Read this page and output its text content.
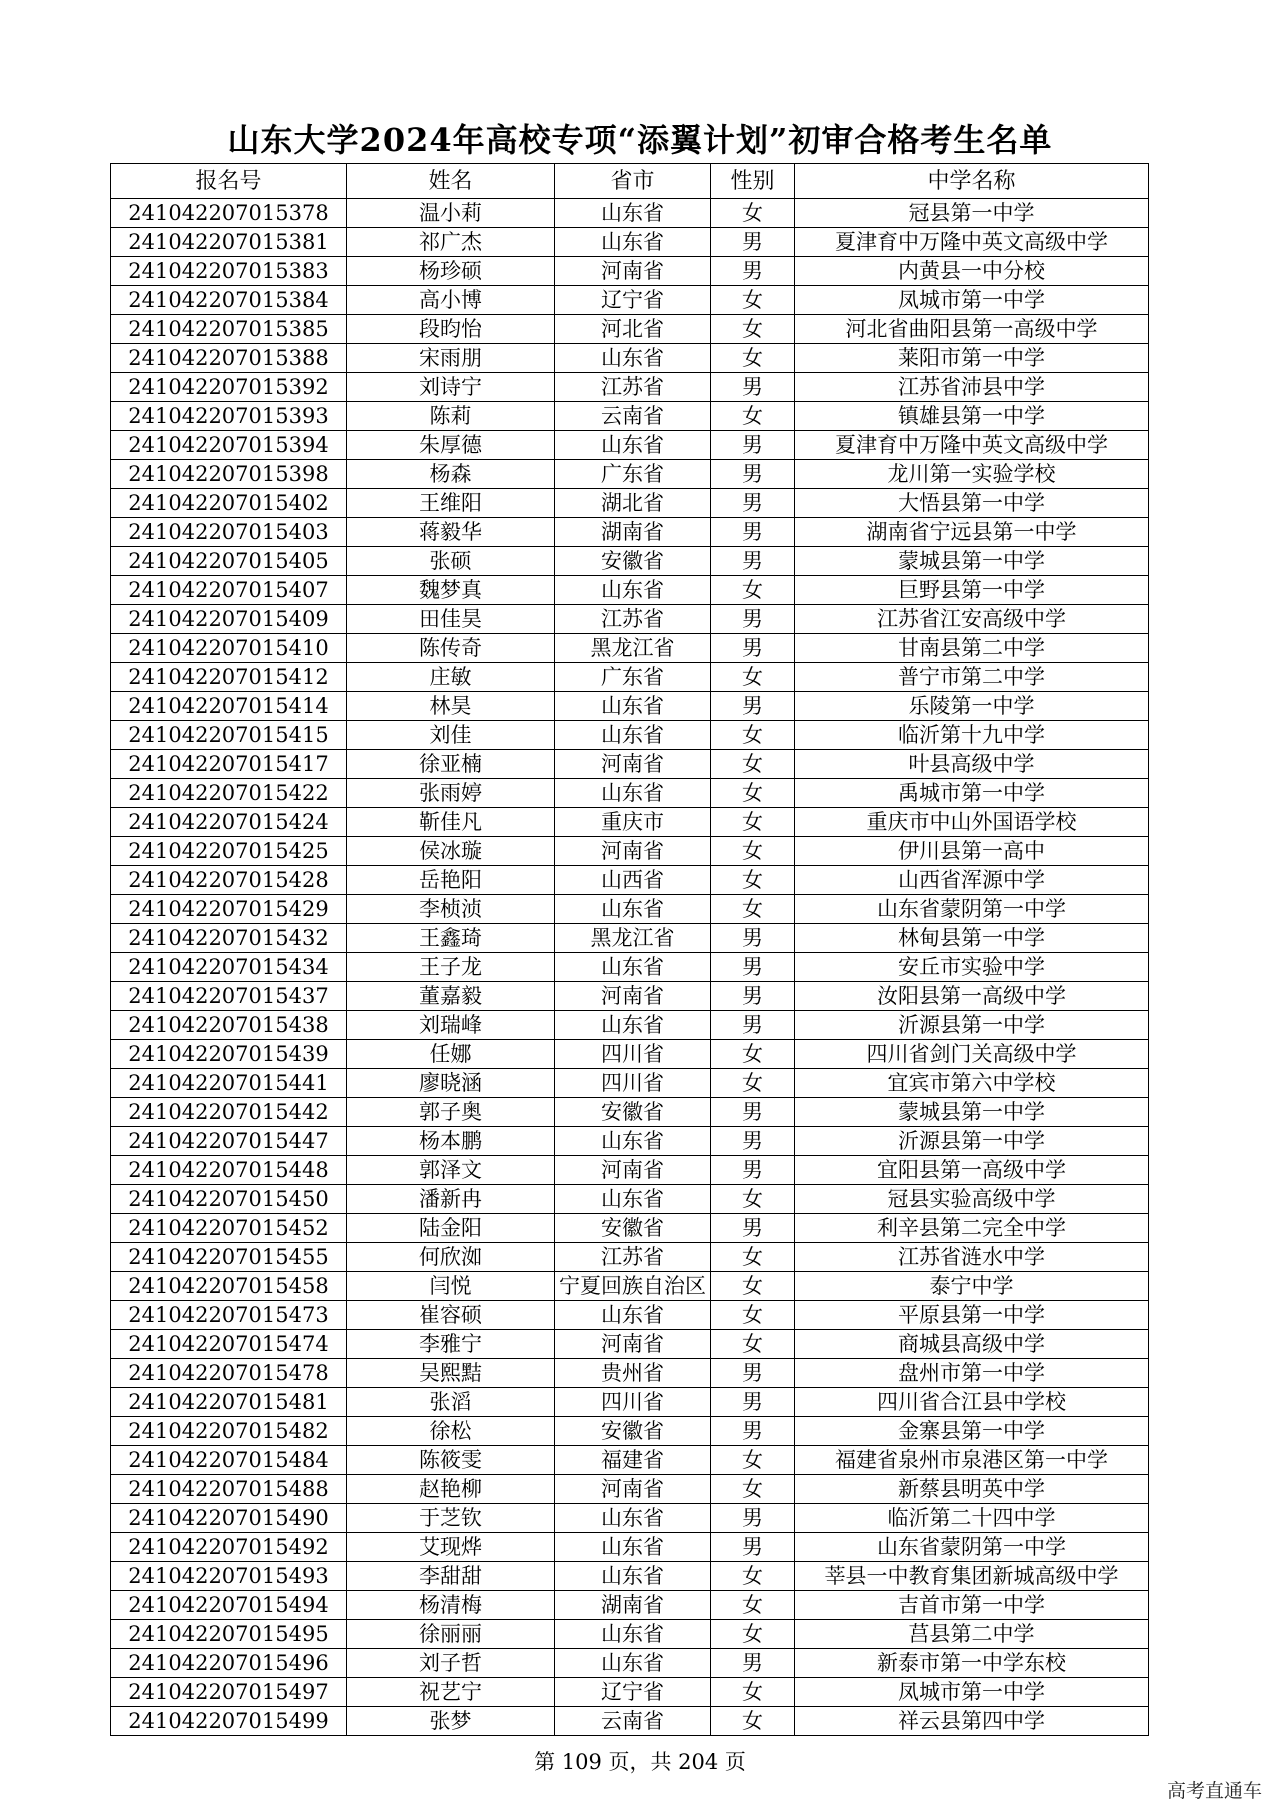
山东大学2024年高校专项“添翼计划”初审合格考生名单
报名号	姓名	省市	性别	中学名称
241042207015378	温小莉	山东省	女	冠县第一中学
241042207015381	祁广杰	山东省	男	夏津育中万隆中英文高级中学
241042207015383	杨珍硕	河南省	男	内黄县一中分校
241042207015384	高小博	辽宁省	女	凤城市第一中学
241042207015385	段昀怡	河北省	女	河北省曲阳县第一高级中学
241042207015388	宋雨朋	山东省	女	莱阳市第一中学
241042207015392	刘诗宁	江苏省	男	江苏省沛县中学
241042207015393	陈莉	云南省	女	镇雄县第一中学
241042207015394	朱厚德	山东省	男	夏津育中万隆中英文高级中学
241042207015398	杨森	广东省	男	龙川第一实验学校
241042207015402	王维阳	湖北省	男	大悟县第一中学
241042207015403	蒋毅华	湖南省	男	湖南省宁远县第一中学
241042207015405	张硕	安徽省	男	蒙城县第一中学
241042207015407	魏梦真	山东省	女	巨野县第一中学
241042207015409	田佳昊	江苏省	男	江苏省江安高级中学
241042207015410	陈传奇	黑龙江省	男	甘南县第二中学
241042207015412	庄敏	广东省	女	普宁市第二中学
241042207015414	林昊	山东省	男	乐陵第一中学
241042207015415	刘佳	山东省	女	临沂第十九中学
241042207015417	徐亚楠	河南省	女	叶县高级中学
241042207015422	张雨婷	山东省	女	禹城市第一中学
241042207015424	靳佳凡	重庆市	女	重庆市中山外国语学校
241042207015425	侯冰璇	河南省	女	伊川县第一高中
241042207015428	岳艳阳	山西省	女	山西省浑源中学
241042207015429	李桢浈	山东省	女	山东省蒙阴第一中学
241042207015432	王鑫琦	黑龙江省	男	林甸县第一中学
241042207015434	王子龙	山东省	男	安丘市实验中学
241042207015437	董嘉毅	河南省	男	汝阳县第一高级中学
241042207015438	刘瑞峰	山东省	男	沂源县第一中学
241042207015439	任娜	四川省	女	四川省剑门关高级中学
241042207015441	廖晓涵	四川省	女	宜宾市第六中学校
241042207015442	郭子奥	安徽省	男	蒙城县第一中学
241042207015447	杨本鹏	山东省	男	沂源县第一中学
241042207015448	郭泽文	河南省	男	宜阳县第一高级中学
241042207015450	潘新冉	山东省	女	冠县实验高级中学
241042207015452	陆金阳	安徽省	男	利辛县第二完全中学
241042207015455	何欣洳	江苏省	女	江苏省涟水中学
241042207015458	闫悦	宁夏回族自治区	女	泰宁中学
241042207015473	崔容硕	山东省	女	平原县第一中学
241042207015474	李雅宁	河南省	女	商城县高级中学
241042207015478	吴熙黠	贵州省	男	盘州市第一中学
241042207015481	张滔	四川省	男	四川省合江县中学校
241042207015482	徐松	安徽省	男	金寨县第一中学
241042207015484	陈筱雯	福建省	女	福建省泉州市泉港区第一中学
241042207015488	赵艳柳	河南省	女	新蔡县明英中学
241042207015490	于芝钦	山东省	男	临沂第二十四中学
241042207015492	艾现烨	山东省	男	山东省蒙阴第一中学
241042207015493	李甜甜	山东省	女	莘县一中教育集团新城高级中学
241042207015494	杨清梅	湖南省	女	吉首市第一中学
241042207015495	徐丽丽	山东省	女	莒县第二中学
241042207015496	刘子哲	山东省	男	新泰市第一中学东校
241042207015497	祝艺宁	辽宁省	女	凤城市第一中学
241042207015499	张梦	云南省	女	祥云县第四中学
第 109 页，共 204 页
高考直通车
